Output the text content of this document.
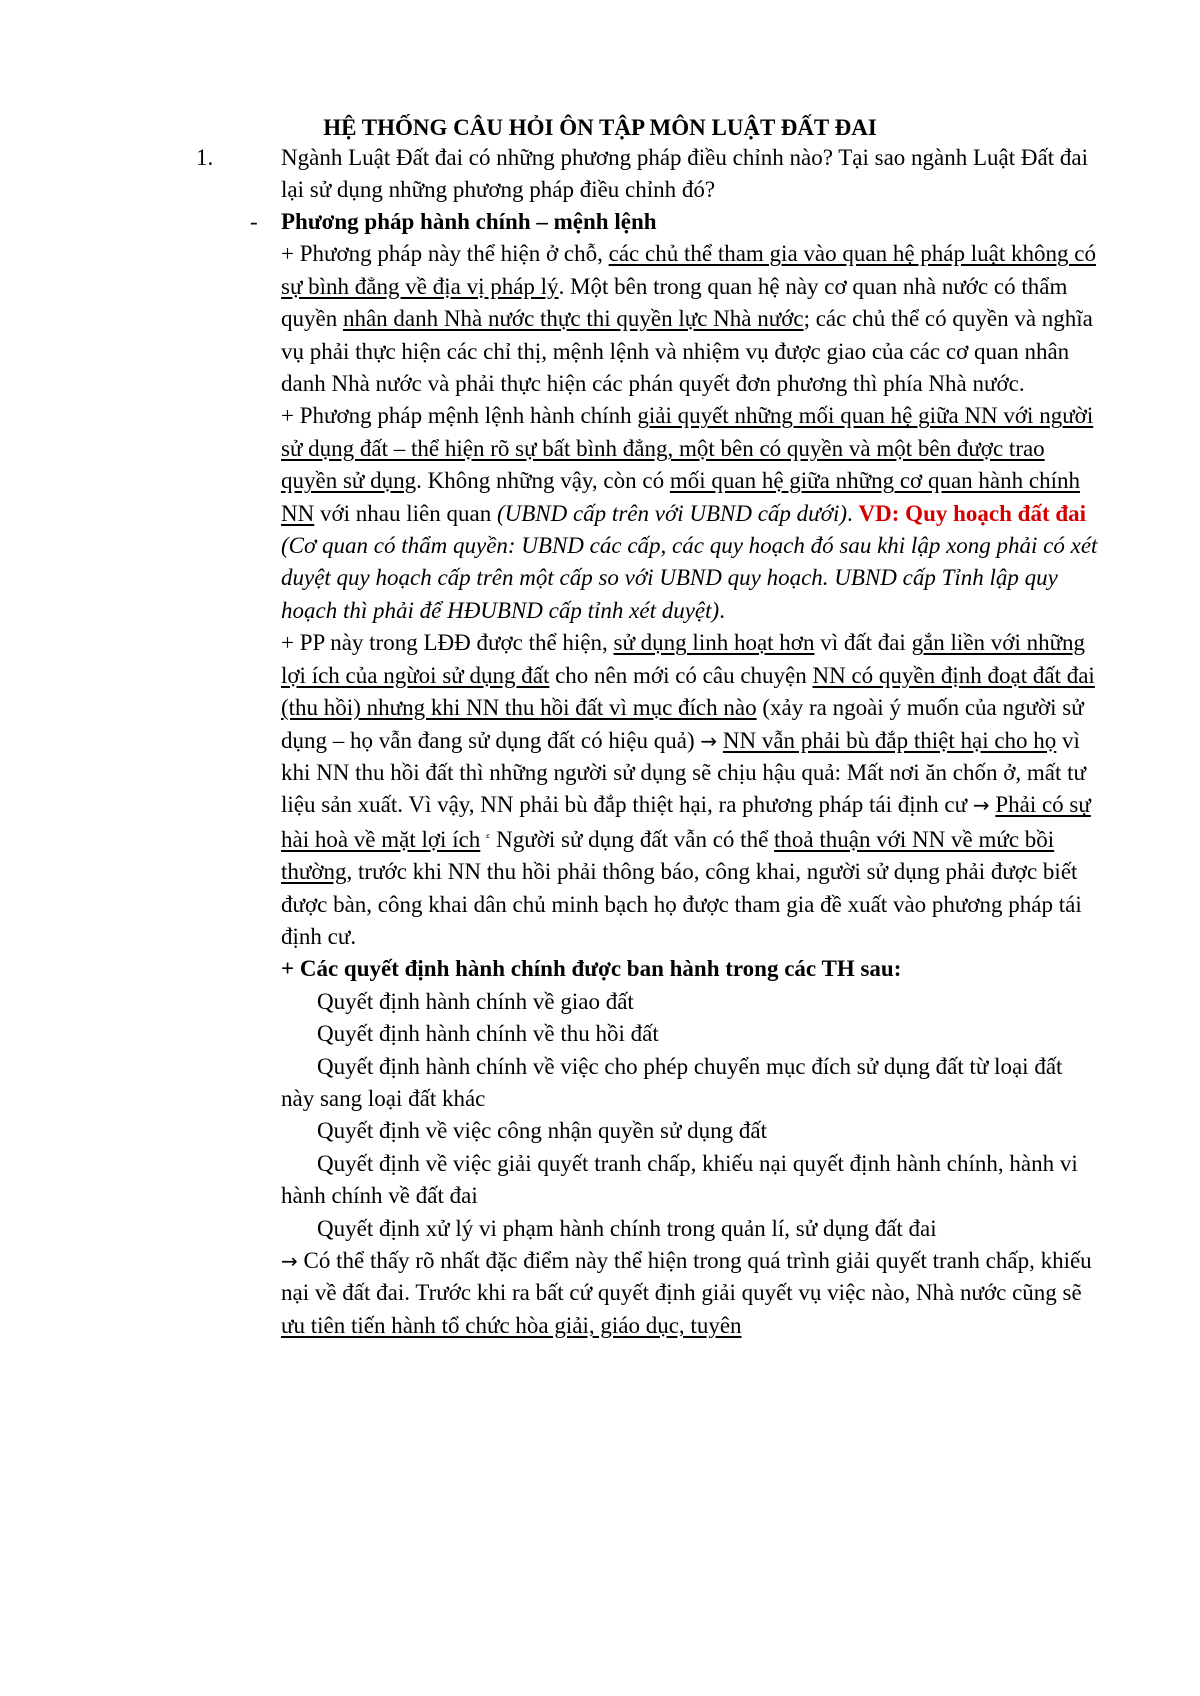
HỆ THỐNG CÂU HỎI ÔN TẬP MÔN LUẬT ĐẤT ĐAI
1.	Ngành Luật Đất đai có những phương pháp điều chỉnh nào? Tại sao ngành Luật Đất đai lại sử dụng những phương pháp điều chỉnh đó?
- Phương pháp hành chính – mệnh lệnh

+ Phương pháp này thể hiện ở chỗ, các chủ thể tham gia vào quan hệ pháp luật không có sự bình đẳng về địa vị pháp lý. Một bên trong quan hệ này cơ quan nhà nước có thẩm quyền nhân danh Nhà nước thực thi quyền lực Nhà nước; các chủ thể có quyền và nghĩa vụ phải thực hiện các chỉ thị, mệnh lệnh và nhiệm vụ được giao của các cơ quan nhân danh Nhà nước và phải thực hiện các phán quyết đơn phương thì phía Nhà nước.

+ Phương pháp mệnh lệnh hành chính giải quyết những mối quan hệ giữa NN với người sử dụng đất – thể hiện rõ sự bất bình đẳng, một bên có quyền và một bên được trao quyền sử dụng. Không những vậy, còn có mối quan hệ giữa những cơ quan hành chính NN với nhau liên quan (UBND cấp trên với UBND cấp dưới). VD: Quy hoạch đất đai (Cơ quan có thẩm quyền: UBND các cấp, các quy hoạch đó sau khi lập xong phải có xét duyệt quy hoạch cấp trên một cấp so với UBND quy hoạch. UBND cấp Tỉnh lập quy hoạch thì phải để HĐUBND cấp tỉnh xét duyệt).

+ PP này trong LĐĐ được thể hiện, sử dụng linh hoạt hơn vì đất đai gắn liền với những lợi ích của ngừoi sử dụng đất cho nên mới có câu chuyện NN có quyền định đoạt đất đai (thu hồi) nhưng khi NN thu hồi đất vì mục đích nào (xảy ra ngoài ý muốn của người sử dụng – họ vẫn đang sử dụng đất có hiệu quả) → NN vẫn phải bù đắp thiệt hại cho họ vì khi NN thu hồi đất thì những người sử dụng sẽ chịu hậu quả: Mất nơi ăn chốn ở, mất tư liệu sản xuất. Vì vậy, NN phải bù đắp thiệt hại, ra phương pháp tái định cư → Phải có sự hài hoà về mặt lợi ích $^ᵋ$ Người sử dụng đất vẫn có thể thoả thuận với NN về mức bồi thường, trước khi NN thu hồi phải thông báo, công khai, người sử dụng phải được biết được bàn, công khai dân chủ minh bạch họ được tham gia đề xuất vào phương pháp tái định cư.

+ Các quyết định hành chính được ban hành trong các TH sau:

Quyết định hành chính về giao đất

Quyết định hành chính về thu hồi đất

Quyết định hành chính về việc cho phép chuyển mục đích sử dụng đất từ loại đất này sang loại đất khác

Quyết định về việc công nhận quyền sử dụng đất

Quyết định về việc giải quyết tranh chấp, khiếu nại quyết định hành chính, hành vi hành chính về đất đai

Quyết định xử lý vi phạm hành chính trong quản lí, sử dụng đất đai

→ Có thể thấy rõ nhất đặc điểm này thể hiện trong quá trình giải quyết tranh chấp, khiếu nại về đất đai. Trước khi ra bất cứ quyết định giải quyết vụ việc nào, Nhà nước cũng sẽ ưu tiên tiến hành tổ chức hòa giải, giáo dục, tuyên
